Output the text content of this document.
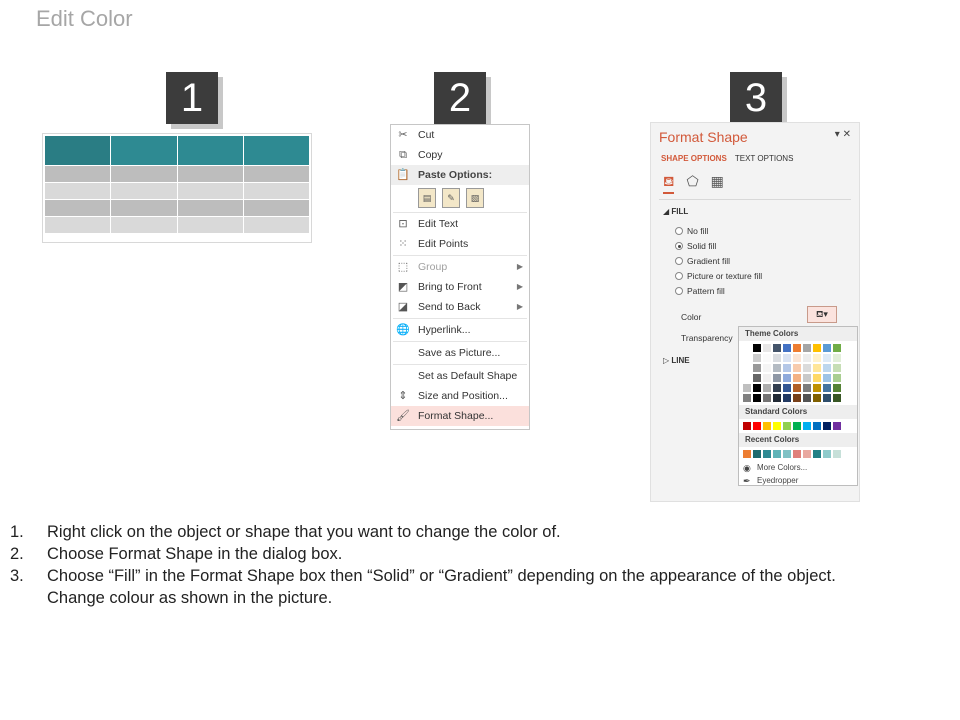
Edit Color
1	2	3

✂ Cut
⧉ Copy
📋 Paste Options:
▤	✎	▧
⊡ Edit Text
⁙ Edit Points
⬚ Group	▶
◩ Bring to Front	▶
◪ Send to Back	▶
🌐 Hyperlink...
Save as Picture...
Set as Default Shape
⇕ Size and Position...
🖌 Format Shape...
Format Shape	▾ ✕
SHAPE OPTIONS TEXT OPTIONS
⛾ ⬠ ▦
◢ FILL
No fill
Solid fill
Gradient fill
Picture or texture fill
Pattern fill
Color	⛾▾
Transparency
▷ LINE
Theme Colors
Standard Colors
Recent Colors
◉ More Colors...
✒ Eyedropper
1. Right click on the object or shape that you want to change the color of.
2. Choose Format Shape in the dialog box.
3. Choose “Fill” in the Format Shape box then “Solid” or “Gradient” depending on the appearance of the object.
Change colour as shown in the picture.
